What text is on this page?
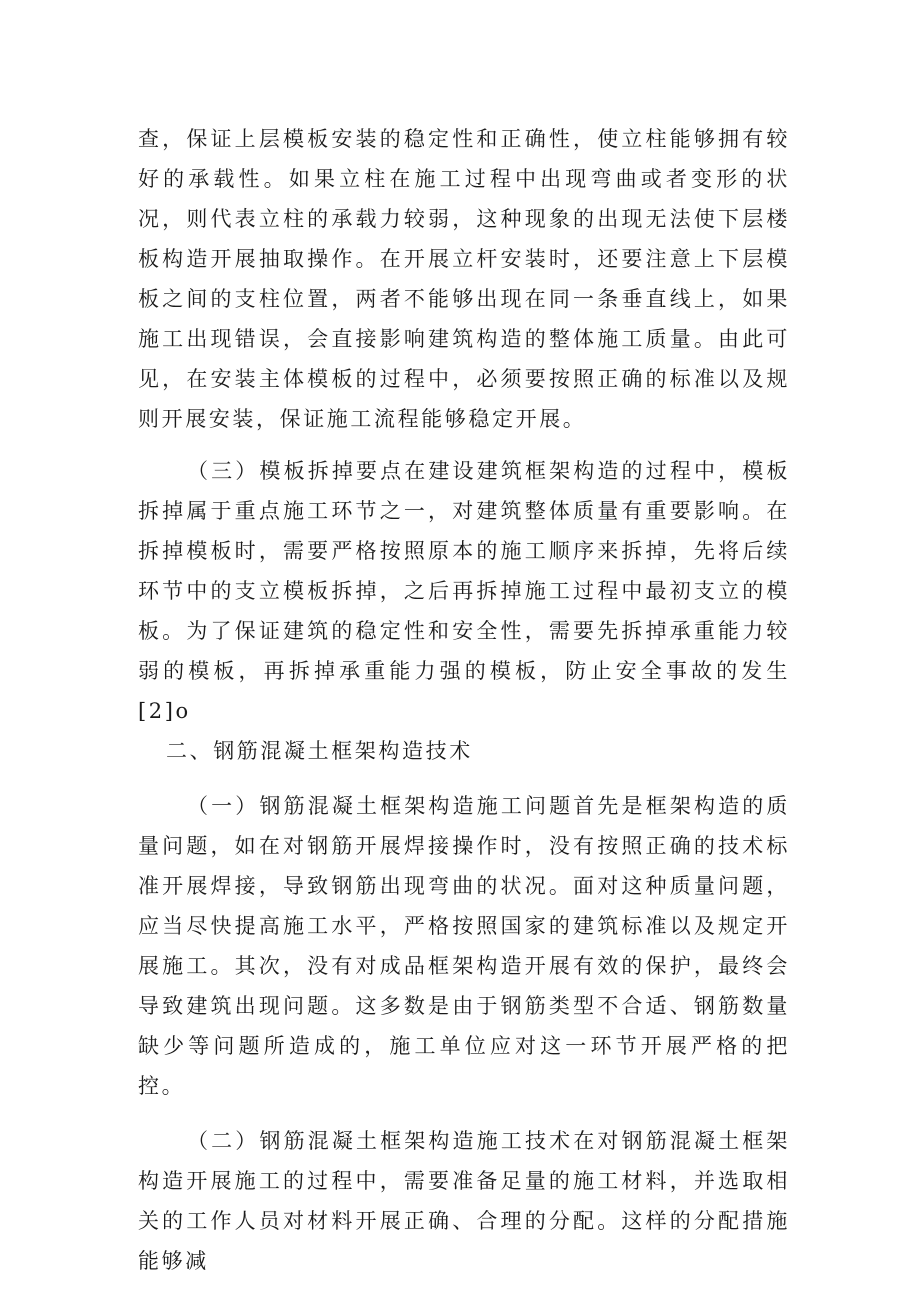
查，保证上层模板安装的稳定性和正确性，使立柱能够拥有较好的承载性。如果立柱在施工过程中出现弯曲或者变形的状况，则代表立柱的承载力较弱，这种现象的出现无法使下层楼板构造开展抽取操作。在开展立杆安装时，还要注意上下层模板之间的支柱位置，两者不能够出现在同一条垂直线上，如果施工出现错误，会直接影响建筑构造的整体施工质量。由此可见，在安装主体模板的过程中，必须要按照正确的标准以及规则开展安装，保证施工流程能够稳定开展。

（三）模板拆掉要点在建设建筑框架构造的过程中，模板拆掉属于重点施工环节之一，对建筑整体质量有重要影响。在拆掉模板时，需要严格按照原本的施工顺序来拆掉，先将后续环节中的支立模板拆掉，之后再拆掉施工过程中最初支立的模板。为了保证建筑的稳定性和安全性，需要先拆掉承重能力较弱的模板，再拆掉承重能力强的模板，防止安全事故的发生[2]o

二、钢筋混凝土框架构造技术

（一）钢筋混凝土框架构造施工问题首先是框架构造的质量问题，如在对钢筋开展焊接操作时，没有按照正确的技术标准开展焊接，导致钢筋出现弯曲的状况。面对这种质量问题，应当尽快提高施工水平，严格按照国家的建筑标准以及规定开展施工。其次，没有对成品框架构造开展有效的保护，最终会导致建筑出现问题。这多数是由于钢筋类型不合适、钢筋数量缺少等问题所造成的，施工单位应对这一环节开展严格的把控。

（二）钢筋混凝土框架构造施工技术在对钢筋混凝土框架构造开展施工的过程中，需要准备足量的施工材料，并选取相关的工作人员对材料开展正确、合理的分配。这样的分配措施能够减
